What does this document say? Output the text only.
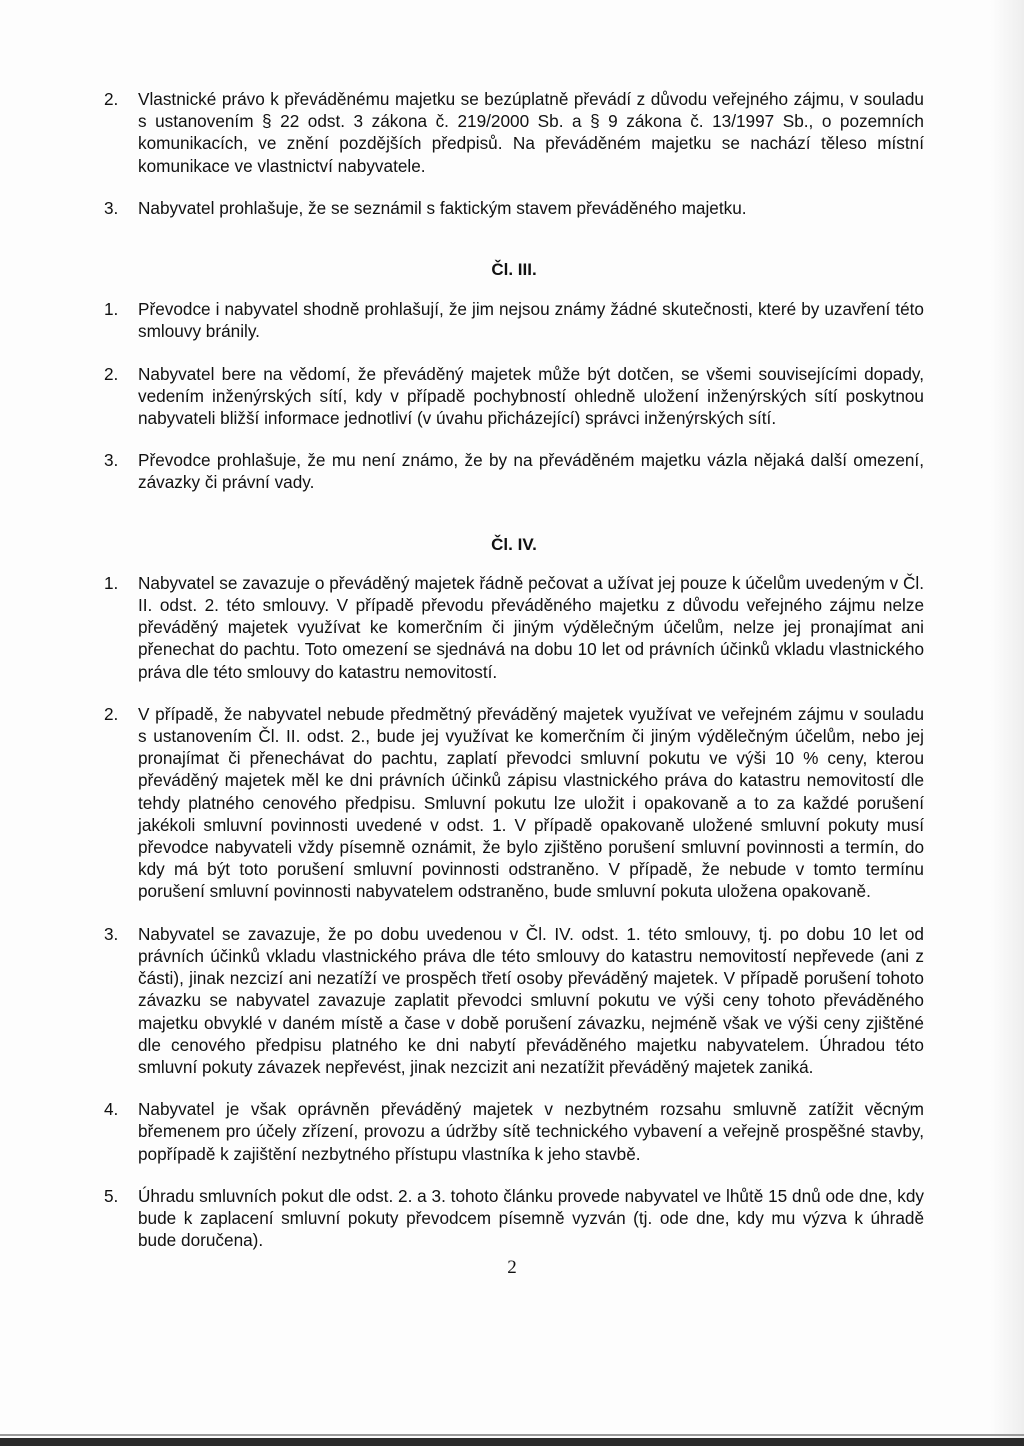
2.	Vlastnické právo k převáděnému majetku se bezúplatně převádí z důvodu veřejného zájmu, v souladu s ustanovením § 22 odst. 3 zákona č. 219/2000 Sb. a § 9 zákona č. 13/1997 Sb., o pozemních komunikacích, ve znění pozdějších předpisů. Na převáděném majetku se nachází těleso místní komunikace ve vlastnictví nabyvatele.
3.	Nabyvatel prohlašuje, že se seznámil s faktickým stavem převáděného majetku.
Čl. III.
1.	Převodce i nabyvatel shodně prohlašují, že jim nejsou známy žádné skutečnosti, které by uzavření této smlouvy bránily.
2.	Nabyvatel bere na vědomí, že převáděný majetek může být dotčen, se všemi souvisejícími dopady, vedením inženýrských sítí, kdy v případě pochybností ohledně uložení inženýrských sítí poskytnou nabyvateli bližší informace jednotliví (v úvahu přicházející) správci inženýrských sítí.
3.	Převodce prohlašuje, že mu není známo, že by na převáděném majetku vázla nějaká další omezení, závazky či právní vady.
Čl. IV.
1.	Nabyvatel se zavazuje o převáděný majetek řádně pečovat a užívat jej pouze k účelům uvedeným v Čl. II. odst. 2. této smlouvy. V případě převodu převáděného majetku z důvodu veřejného zájmu nelze převáděný majetek využívat ke komerčním či jiným výdělečným účelům, nelze jej pronajímat ani přenechat do pachtu. Toto omezení se sjednává na dobu 10 let od právních účinků vkladu vlastnického práva dle této smlouvy do katastru nemovitostí.
2.	V případě, že nabyvatel nebude předmětný převáděný majetek využívat ve veřejném zájmu v souladu s ustanovením Čl. II. odst. 2., bude jej využívat ke komerčním či jiným výdělečným účelům, nebo jej pronajímat či přenechávat do pachtu, zaplatí převodci smluvní pokutu ve výši 10 % ceny, kterou převáděný majetek měl ke dni právních účinků zápisu vlastnického práva do katastru nemovitostí dle tehdy platného cenového předpisu. Smluvní pokutu lze uložit i opakovaně a to za každé porušení jakékoli smluvní povinnosti uvedené v odst. 1. V případě opakovaně uložené smluvní pokuty musí převodce nabyvateli vždy písemně oznámit, že bylo zjištěno porušení smluvní povinnosti a termín, do kdy má být toto porušení smluvní povinnosti odstraněno. V případě, že nebude v tomto termínu porušení smluvní povinnosti nabyvatelem odstraněno, bude smluvní pokuta uložena opakovaně.
3.	Nabyvatel se zavazuje, že po dobu uvedenou v Čl. IV. odst. 1. této smlouvy, tj. po dobu 10 let od právních účinků vkladu vlastnického práva dle této smlouvy do katastru nemovitostí nepřevede (ani z části), jinak nezcizí ani nezatíží ve prospěch třetí osoby převáděný majetek. V případě porušení tohoto závazku se nabyvatel zavazuje zaplatit převodci smluvní pokutu ve výši ceny tohoto převáděného majetku obvyklé v daném místě a čase v době porušení závazku, nejméně však ve výši ceny zjištěné dle cenového předpisu platného ke dni nabytí převáděného majetku nabyvatelem. Úhradou této smluvní pokuty závazek nepřevést, jinak nezcizit ani nezatížit převáděný majetek zaniká.
4.	Nabyvatel je však oprávněn převáděný majetek v nezbytném rozsahu smluvně zatížit věcným břemenem pro účely zřízení, provozu a údržby sítě technického vybavení a veřejně prospěšné stavby, popřípadě k zajištění nezbytného přístupu vlastníka k jeho stavbě.
5.	Úhradu smluvních pokut dle odst. 2. a 3. tohoto článku provede nabyvatel ve lhůtě 15 dnů ode dne, kdy bude k zaplacení smluvní pokuty převodcem písemně vyzván (tj. ode dne, kdy mu výzva k úhradě bude doručena).
2
